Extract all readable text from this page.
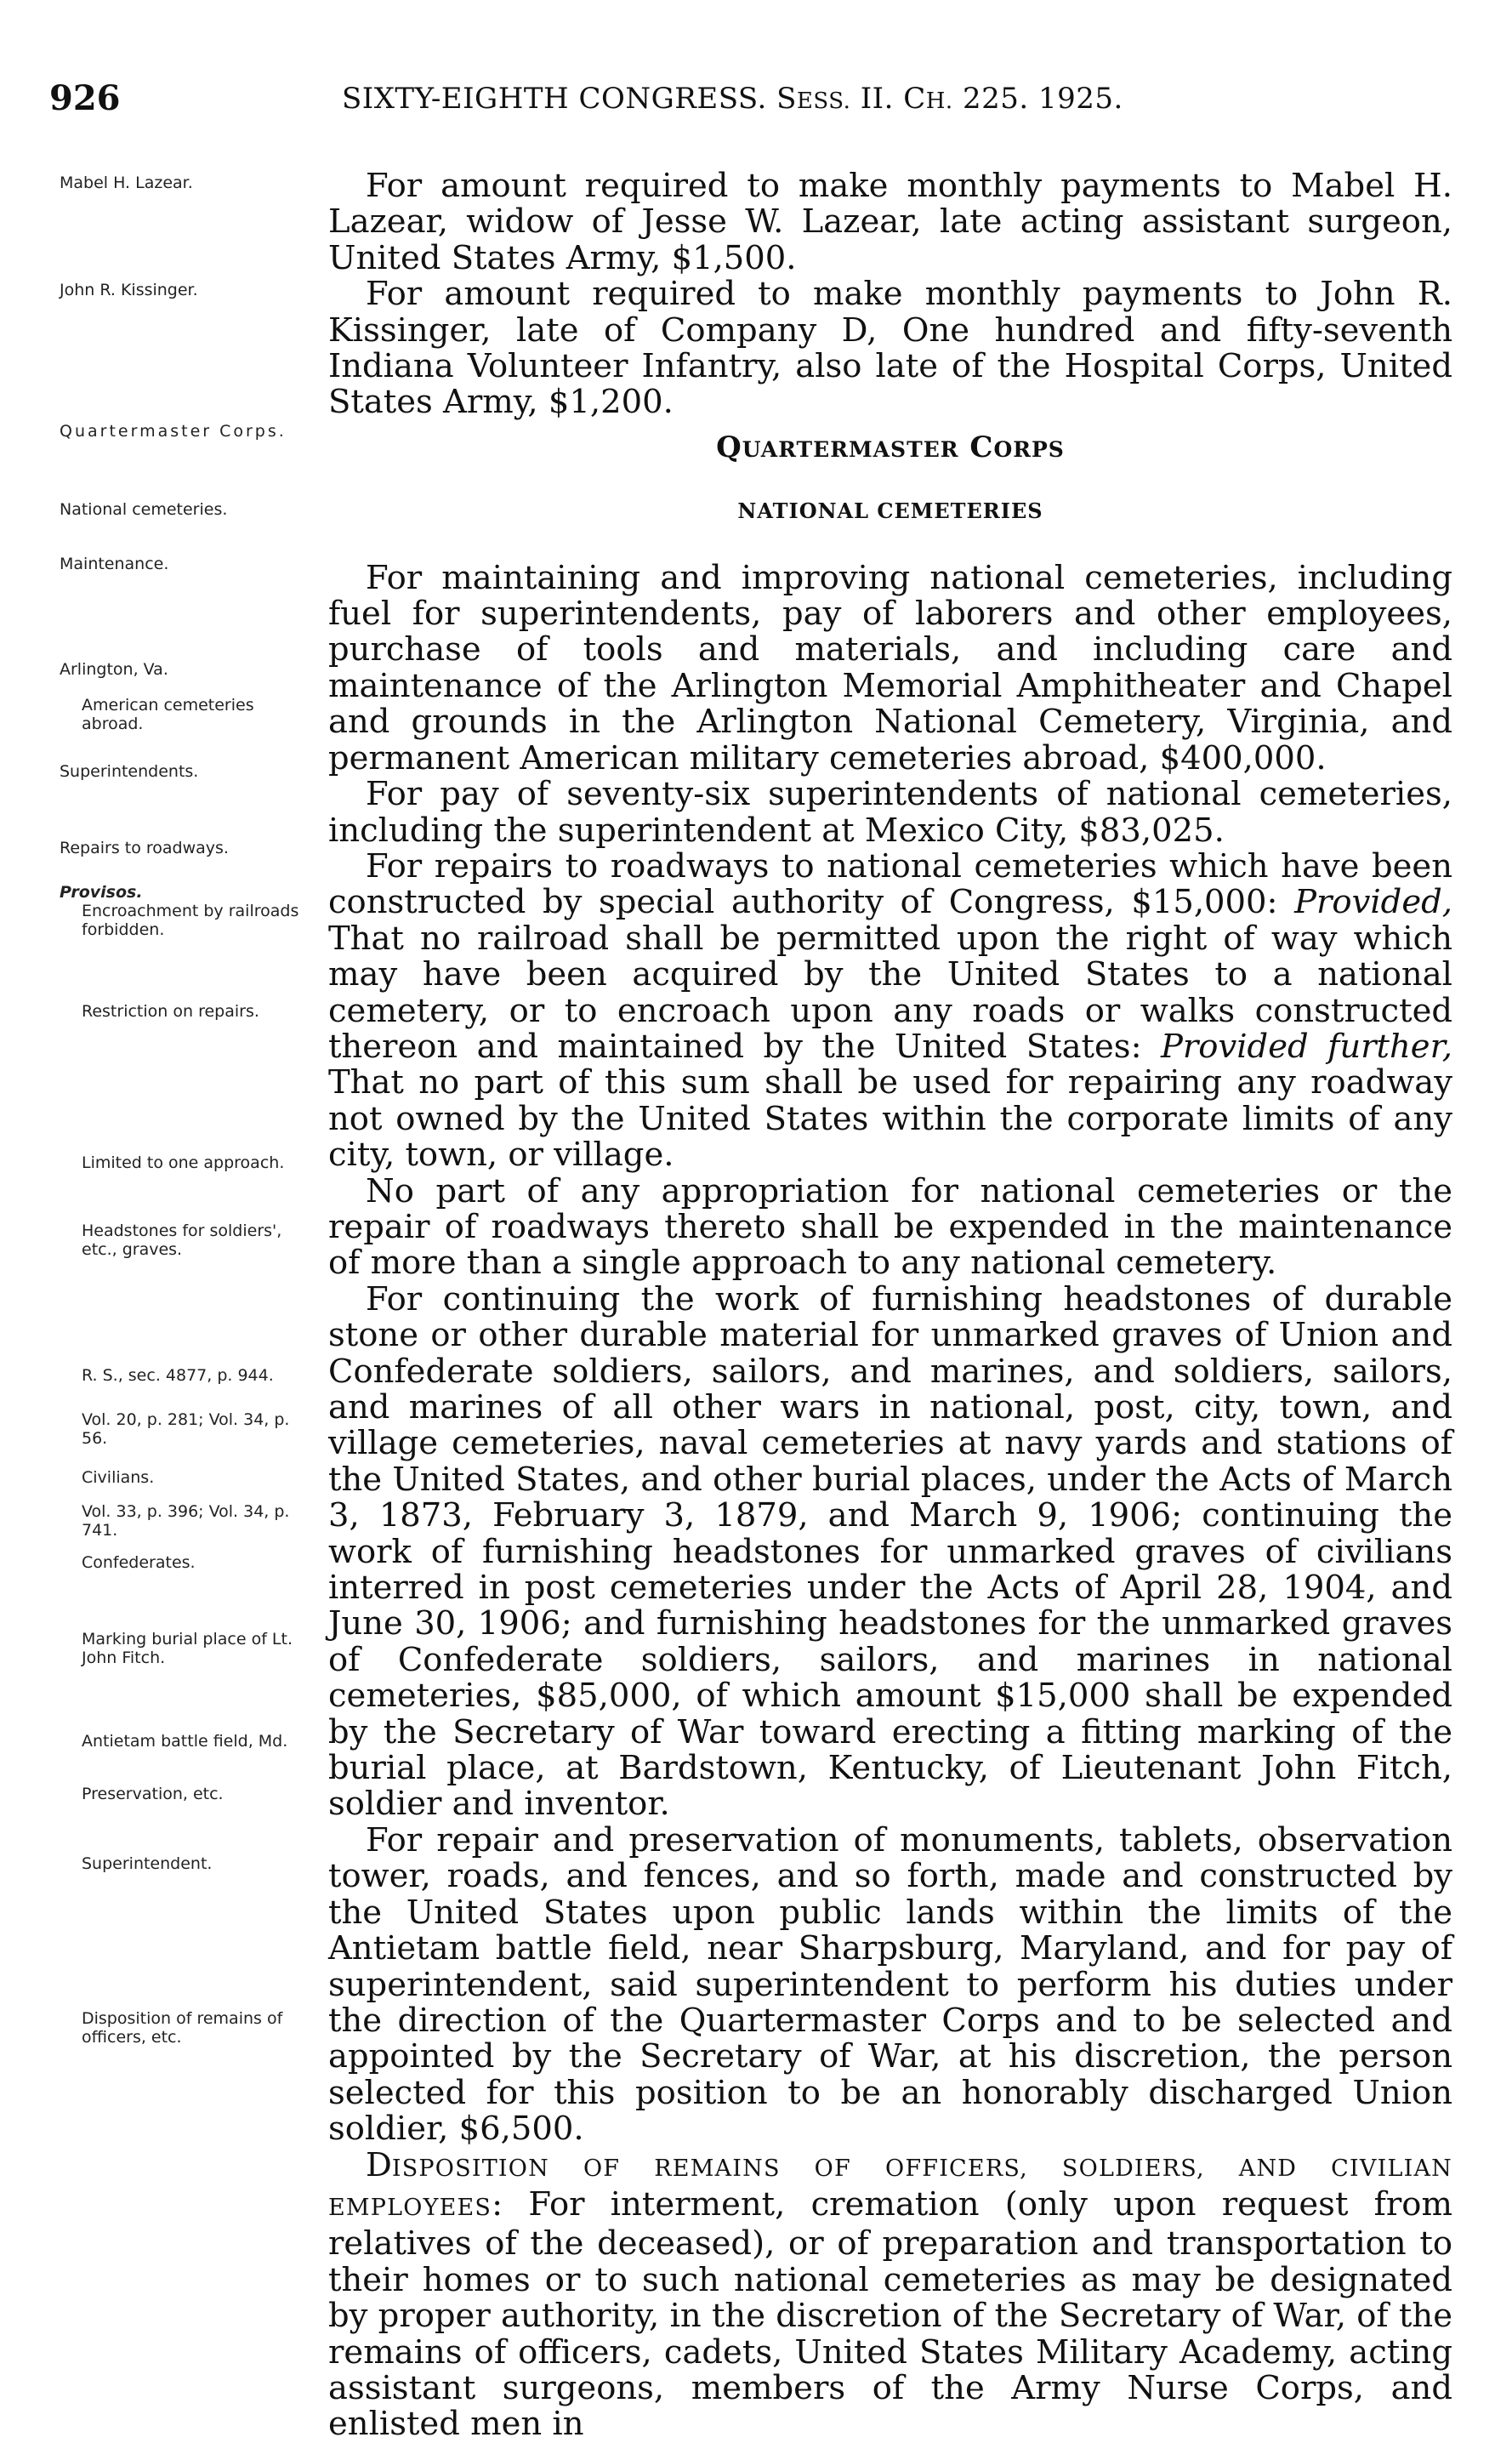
926	SIXTY-EIGHTH CONGRESS. SESS. II. CH. 225. 1925.
Mabel H. Lazear.
John R. Kissinger.
Quartermaster Corps.
National cemeteries.
Maintenance.
Arlington, Va.
American cemeteries abroad.
Superintendents.
Repairs to roadways.
Provisos.
Encroachment by railroads forbidden.
Restriction on repairs.
Limited to one approach.
Headstones for soldiers', etc., graves.
R. S., sec. 4877, p. 944.
Vol. 20, p. 281; Vol. 34, p. 56.
Civilians.
Vol. 33, p. 396; Vol. 34, p. 741.
Confederates.
Marking burial place of Lt. John Fitch.
Antietam battle field, Md.
Preservation, etc.
Superintendent.
Disposition of remains of officers, etc.

For amount required to make monthly payments to Mabel H. Lazear, widow of Jesse W. Lazear, late acting assistant surgeon, United States Army, $1,500.

For amount required to make monthly payments to John R. Kissinger, late of Company D, One hundred and fifty-seventh Indiana Volunteer Infantry, also late of the Hospital Corps, United States Army, $1,200.

QUARTERMASTER CORPS
NATIONAL CEMETERIES

For maintaining and improving national cemeteries, including fuel for superintendents, pay of laborers and other employees, purchase of tools and materials, and including care and maintenance of the Arlington Memorial Amphitheater and Chapel and grounds in the Arlington National Cemetery, Virginia, and permanent American military cemeteries abroad, $400,000.

For pay of seventy-six superintendents of national cemeteries, including the superintendent at Mexico City, $83,025.

For repairs to roadways to national cemeteries which have been constructed by special authority of Congress, $15,000: Provided, That no railroad shall be permitted upon the right of way which may have been acquired by the United States to a national cemetery, or to encroach upon any roads or walks constructed thereon and maintained by the United States: Provided further, That no part of this sum shall be used for repairing any roadway not owned by the United States within the corporate limits of any city, town, or village.

No part of any appropriation for national cemeteries or the repair of roadways thereto shall be expended in the maintenance of more than a single approach to any national cemetery.

For continuing the work of furnishing headstones of durable stone or other durable material for unmarked graves of Union and Confederate soldiers, sailors, and marines, and soldiers, sailors, and marines of all other wars in national, post, city, town, and village cemeteries, naval cemeteries at navy yards and stations of the United States, and other burial places, under the Acts of March 3, 1873, February 3, 1879, and March 9, 1906; continuing the work of furnishing headstones for unmarked graves of civilians interred in post cemeteries under the Acts of April 28, 1904, and June 30, 1906; and furnishing headstones for the unmarked graves of Confederate soldiers, sailors, and marines in national cemeteries, $85,000, of which amount $15,000 shall be expended by the Secretary of War toward erecting a fitting marking of the burial place, at Bardstown, Kentucky, of Lieutenant John Fitch, soldier and inventor.

For repair and preservation of monuments, tablets, observation tower, roads, and fences, and so forth, made and constructed by the United States upon public lands within the limits of the Antietam battle field, near Sharpsburg, Maryland, and for pay of superintendent, said superintendent to perform his duties under the direction of the Quartermaster Corps and to be selected and appointed by the Secretary of War, at his discretion, the person selected for this position to be an honorably discharged Union soldier, $6,500.

DISPOSITION OF REMAINS OF OFFICERS, SOLDIERS, AND CIVILIAN EMPLOYEES: For interment, cremation (only upon request from relatives of the deceased), or of preparation and transportation to their homes or to such national cemeteries as may be designated by proper authority, in the discretion of the Secretary of War, of the remains of officers, cadets, United States Military Academy, acting assistant surgeons, members of the Army Nurse Corps, and enlisted men in
